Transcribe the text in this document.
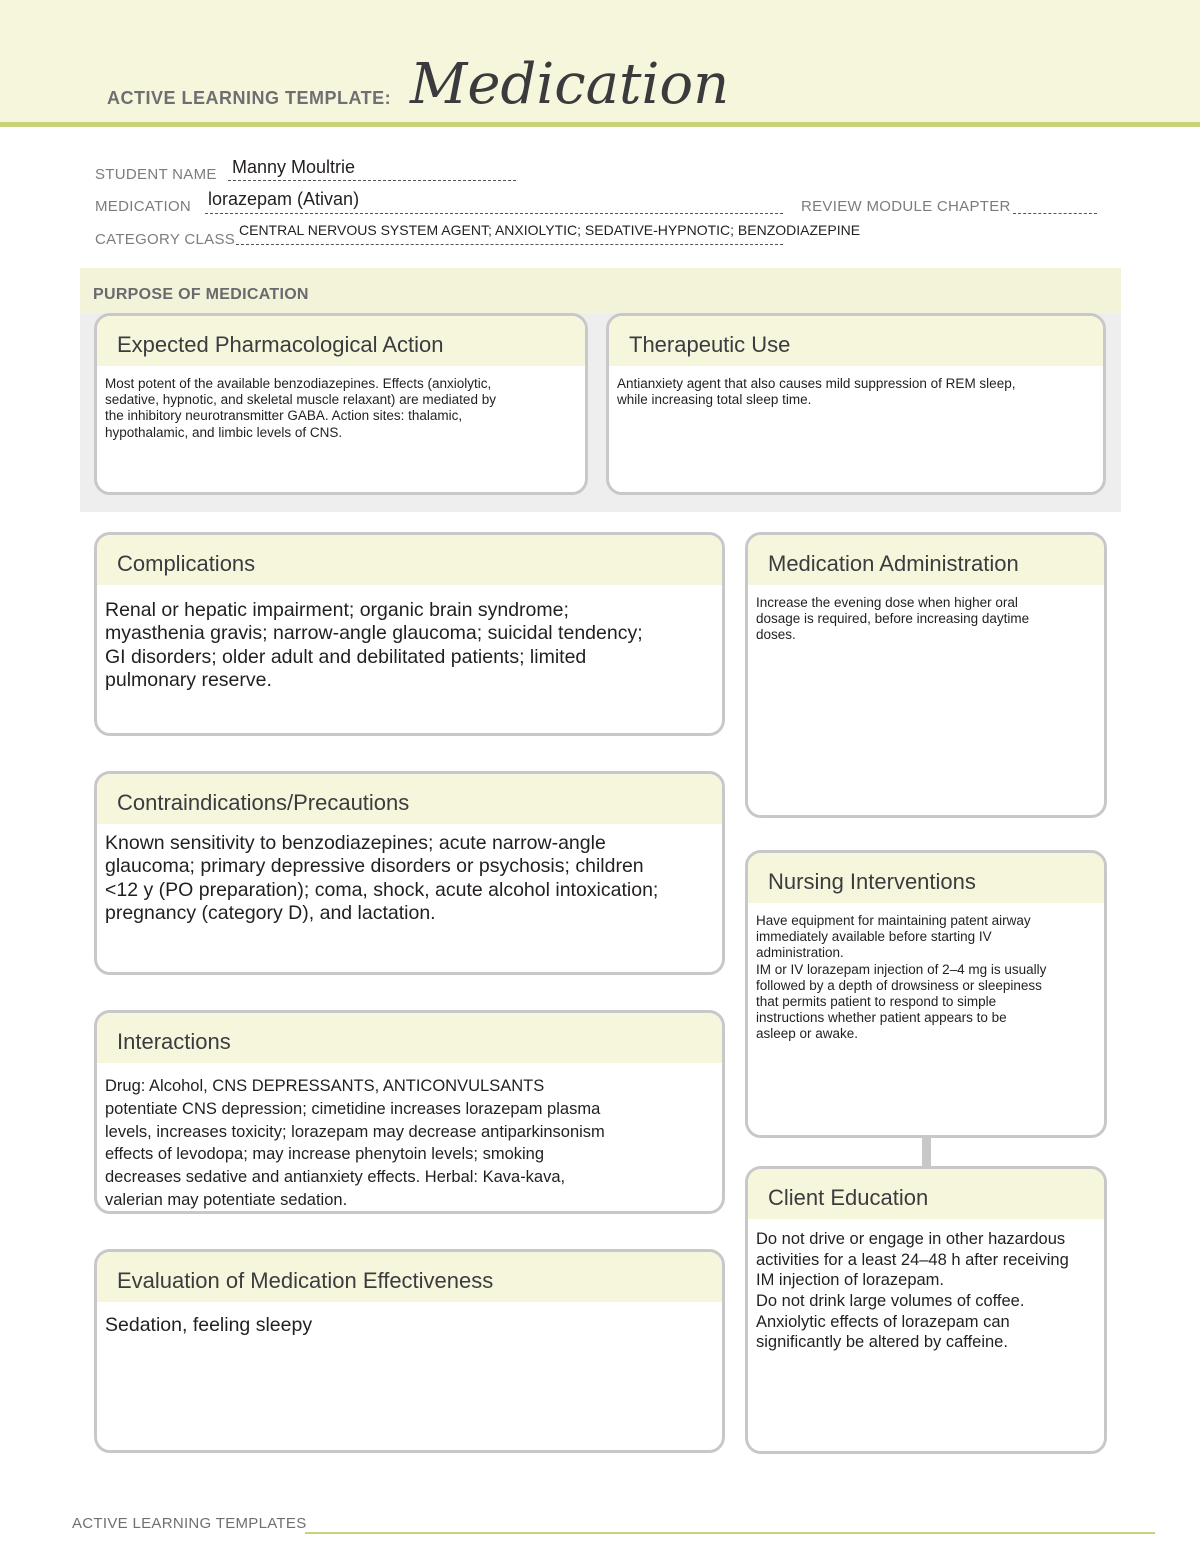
ACTIVE LEARNING TEMPLATE: Medication
STUDENT NAME Manny Moultrie
MEDICATION lorazepam (Ativan)	REVIEW MODULE CHAPTER
CATEGORY CLASS
CENTRAL NERVOUS SYSTEM AGENT; ANXIOLYTIC; SEDATIVE-HYPNOTIC; BENZODIAZEPINE
PURPOSE OF MEDICATION
Expected Pharmacological Action
Most potent of the available benzodiazepines. Effects (anxiolytic,
sedative, hypnotic, and skeletal muscle relaxant) are mediated by
the inhibitory neurotransmitter GABA. Action sites: thalamic,
hypothalamic, and limbic levels of CNS.
Therapeutic Use
Antianxiety agent that also causes mild suppression of REM sleep,
while increasing total sleep time.
Complications
Renal or hepatic impairment; organic brain syndrome;
myasthenia gravis; narrow-angle glaucoma; suicidal tendency;
GI disorders; older adult and debilitated patients; limited
pulmonary reserve.
Medication Administration
Increase the evening dose when higher oral
dosage is required, before increasing daytime
doses.
Contraindications/Precautions
Known sensitivity to benzodiazepines; acute narrow-angle
glaucoma; primary depressive disorders or psychosis; children
<12 y (PO preparation); coma, shock, acute alcohol intoxication;
pregnancy (category D), and lactation.
Nursing Interventions
Have equipment for maintaining patent airway
immediately available before starting IV
administration.
IM or IV lorazepam injection of 2–4 mg is usually
followed by a depth of drowsiness or sleepiness
that permits patient to respond to simple
instructions whether patient appears to be
asleep or awake.
Interactions
Drug: Alcohol, CNS DEPRESSANTS, ANTICONVULSANTS
potentiate CNS depression; cimetidine increases lorazepam plasma
levels, increases toxicity; lorazepam may decrease antiparkinsonism
effects of levodopa; may increase phenytoin levels; smoking
decreases sedative and antianxiety effects. Herbal: Kava-kava,
valerian may potentiate sedation.	Client Education
Do not drive or engage in other hazardous
activities for a least 24–48 h after receiving
IM injection of lorazepam.
Do not drink large volumes of coffee.
Anxiolytic effects of lorazepam can
significantly be altered by caffeine.
Evaluation of Medication Effectiveness
Sedation, feeling sleepy
ACTIVE LEARNING TEMPLATES
